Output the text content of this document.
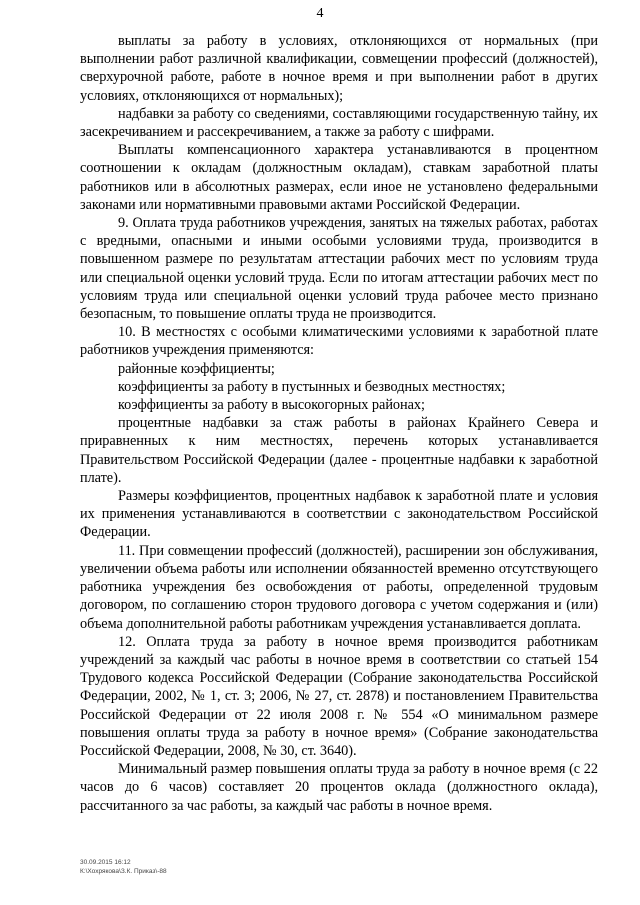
4

выплаты за работу в условиях, отклоняющихся от нормальных (при выполнении работ различной квалификации, совмещении профессий (должностей), сверхурочной работе, работе в ночное время и при выполнении работ в других условиях, отклоняющихся от нормальных);

надбавки за работу со сведениями, составляющими государственную тайну, их засекречиванием и рассекречиванием, а также за работу с шифрами.

Выплаты компенсационного характера устанавливаются в процентном соотношении к окладам (должностным окладам), ставкам заработной платы работников или в абсолютных размерах, если иное не установлено федеральными законами или нормативными правовыми актами Российской Федерации.

9. Оплата труда работников учреждения, занятых на тяжелых работах, работах с вредными, опасными и иными особыми условиями труда, производится в повышенном размере по результатам аттестации рабочих мест по условиям труда или специальной оценки условий труда. Если по итогам аттестации рабочих мест по условиям труда или специальной оценки условий труда рабочее место признано безопасным, то повышение оплаты труда не производится.

10. В местностях с особыми климатическими условиями к заработной плате работников учреждения применяются:

районные коэффициенты;

коэффициенты за работу в пустынных и безводных местностях;

коэффициенты за работу в высокогорных районах;

процентные надбавки за стаж работы в районах Крайнего Севера и приравненных к ним местностях, перечень которых устанавливается Правительством Российской Федерации (далее - процентные надбавки к заработной плате).

Размеры коэффициентов, процентных надбавок к заработной плате и условия их применения устанавливаются в соответствии с законодательством Российской Федерации.

11. При совмещении профессий (должностей), расширении зон обслуживания, увеличении объема работы или исполнении обязанностей временно отсутствующего работника учреждения без освобождения от работы, определенной трудовым договором, по соглашению сторон трудового договора с учетом содержания и (или) объема дополнительной работы работникам учреждения устанавливается доплата.

12. Оплата труда за работу в ночное время производится работникам учреждений за каждый час работы в ночное время в соответствии со статьей 154 Трудового кодекса Российской Федерации (Собрание законодательства Российской Федерации, 2002, № 1, ст. 3; 2006, № 27, ст. 2878) и постановлением Правительства Российской Федерации от 22 июля 2008 г. № 554 «О минимальном размере повышения оплаты труда за работу в ночное время» (Собрание законодательства Российской Федерации, 2008, № 30, ст. 3640).

Минимальный размер повышения оплаты труда за работу в ночное время (с 22 часов до 6 часов) составляет 20 процентов оклада (должностного оклада), рассчитанного за час работы, за каждый час работы в ночное время.

30.09.2015 16:12
К:\Хохрякова\З.К. Приказ\-88
